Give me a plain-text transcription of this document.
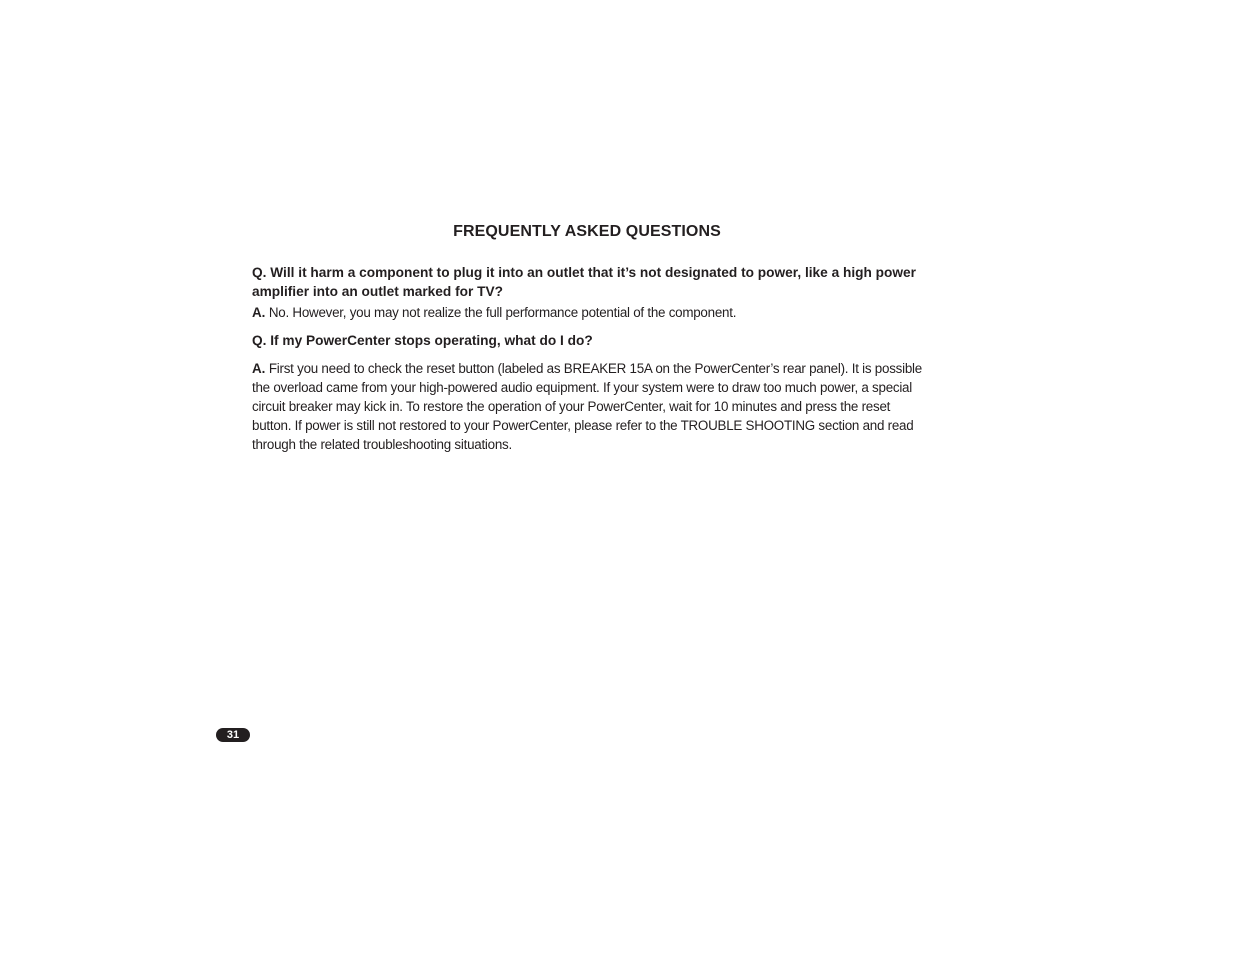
FREQUENTLY ASKED QUESTIONS
Q. Will it harm a component to plug it into an outlet that it’s not designated to power, like a high power amplifier into an outlet marked for TV?
A. No. However, you may not realize the full performance potential of the component.
Q. If my PowerCenter stops operating, what do I do?
A. First you need to check the reset button (labeled as BREAKER 15A on the PowerCenter’s rear panel). It is possible the overload came from your high-powered audio equipment. If your system were to draw too much power, a special circuit breaker may kick in. To restore the operation of your PowerCenter, wait for 10 minutes and press the reset button. If power is still not restored to your PowerCenter, please refer to the TROUBLE SHOOTING section and read through the related troubleshooting situations.
31
